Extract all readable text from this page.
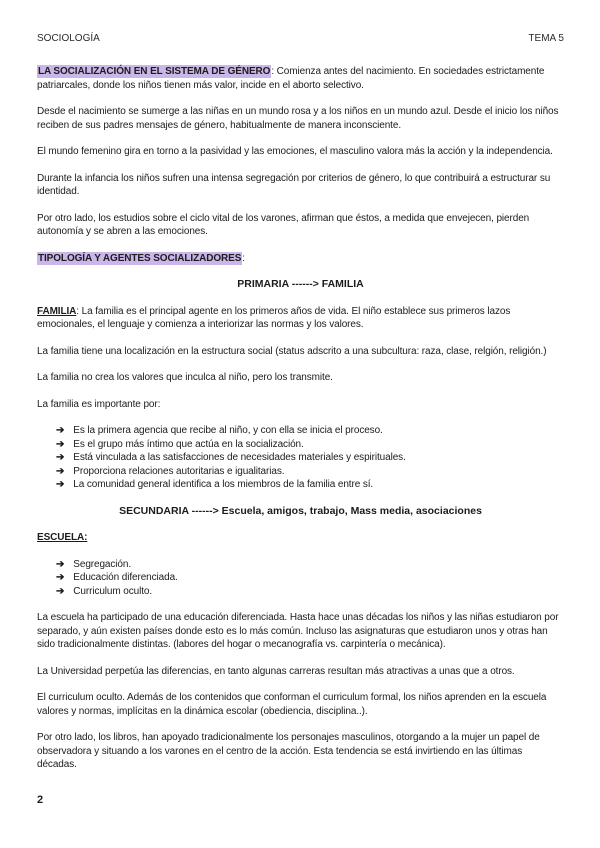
SOCIOLOGÍA	TEMA 5

LA SOCIALIZACIÓN EN EL SISTEMA DE GÉNERO: Comienza antes del nacimiento. En sociedades estrictamente patriarcales, donde los niños tienen más valor, incide en el aborto selectivo.

Desde el nacimiento se sumerge a las niñas en un mundo rosa y a los niños en un mundo azul. Desde el inicio los niños reciben de sus padres mensajes de género, habitualmente de manera inconsciente.

El mundo femenino gira en torno a la pasividad y las emociones, el masculino valora más la acción y la independencia.

Durante la infancia los niños sufren una intensa segregación por criterios de género, lo que contribuirá a estructurar su identidad.

Por otro lado, los estudios sobre el ciclo vital de los varones, afirman que éstos, a medida que envejecen, pierden autonomía y se abren a las emociones.

TIPOLOGÍA Y AGENTES SOCIALIZADORES:

PRIMARIA ------> FAMILIA

FAMILIA: La familia es el principal agente en los primeros años de vida. El niño establece sus primeros lazos emocionales, el lenguaje y comienza a interiorizar las normas y los valores.

La familia tiene una localización en la estructura social (status adscrito a una subcultura: raza, clase, relgión, religión.)

La familia no crea los valores que inculca al niño, pero los transmite.

La familia es importante por:

➔ Es la primera agencia que recibe al niño, y con ella se inicia el proceso.
➔ Es el grupo más íntimo que actúa en la socialización.
➔ Está vinculada a las satisfacciones de necesidades materiales y espirituales.
➔ Proporciona relaciones autoritarias e igualitarias.
➔ La comunidad general identifica a los miembros de la familia entre sí.

SECUNDARIA ------> Escuela, amigos, trabajo, Mass media, asociaciones

ESCUELA:

➔ Segregación.
➔ Educación diferenciada.
➔ Curriculum oculto.

La escuela ha participado de una educación diferenciada. Hasta hace unas décadas los niños y las niñas estudiaron por separado, y aún existen países donde esto es lo más común. Incluso las asignaturas que estudiaron unos y otras han sido tradicionalmente distintas. (labores del hogar o mecanografía vs. carpintería o mecánica).

La Universidad perpetúa las diferencias, en tanto algunas carreras resultan más atractivas a unas que a otros.

El curriculum oculto. Además de los contenidos que conforman el curriculum formal, los niños aprenden en la escuela valores y normas, implícitas en la dinámica escolar (obediencia, disciplina..).

Por otro lado, los libros, han apoyado tradicionalmente los personajes masculinos, otorgando a la mujer un papel de observadora y situando a los varones en el centro de la acción. Esta tendencia se está invirtiendo en las últimas décadas.

2
